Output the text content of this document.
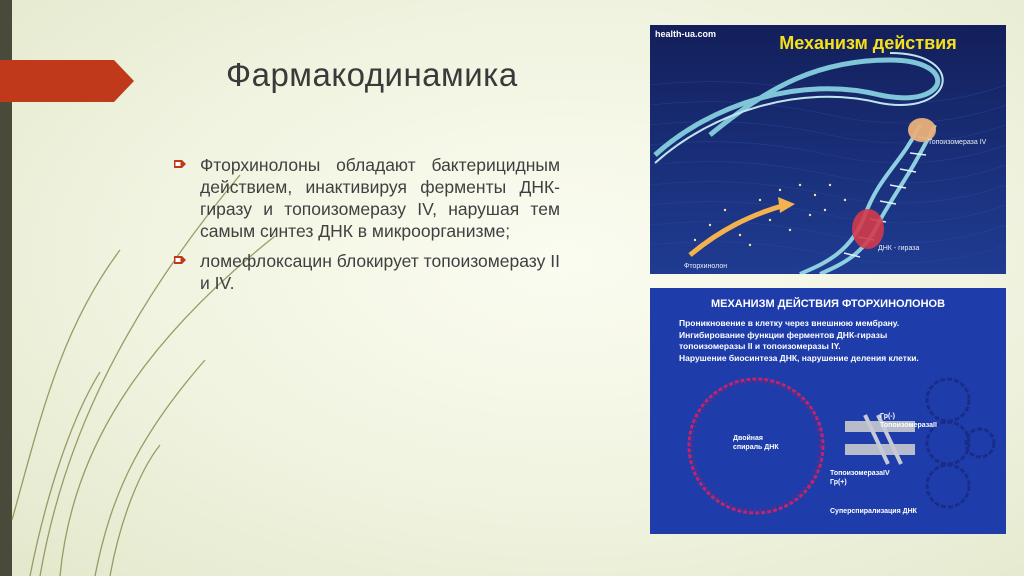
Фармакодинамика
Фторхинолоны обладают бактерицидным действием, инактивируя ферменты ДНК-гиразу и топоизомеразу IV, нарушая тем самым синтез ДНК в микроорганизме;
ломефлоксацин блокирует топоизомеразу II и IV.
health-ua.com	Механизм действия
Топоизомераза IV
ДНК - гираза
Фторхинолон
МЕХАНИЗМ ДЕЙСТВИЯ ФТОРХИНОЛОНОВ
Проникновение в клетку через внешнюю мембрану.
Ингибирование функции ферментов ДНК-гиразы
топоизомеразы II и топоизомеразы IY.
Нарушение биосинтеза ДНК, нарушение деления клетки.
Двойная
спираль ДНК
Гр(-)
ТопоизомеразаII
ТопоизомеразаIV
Гр(+)
Суперспирализация ДНК
